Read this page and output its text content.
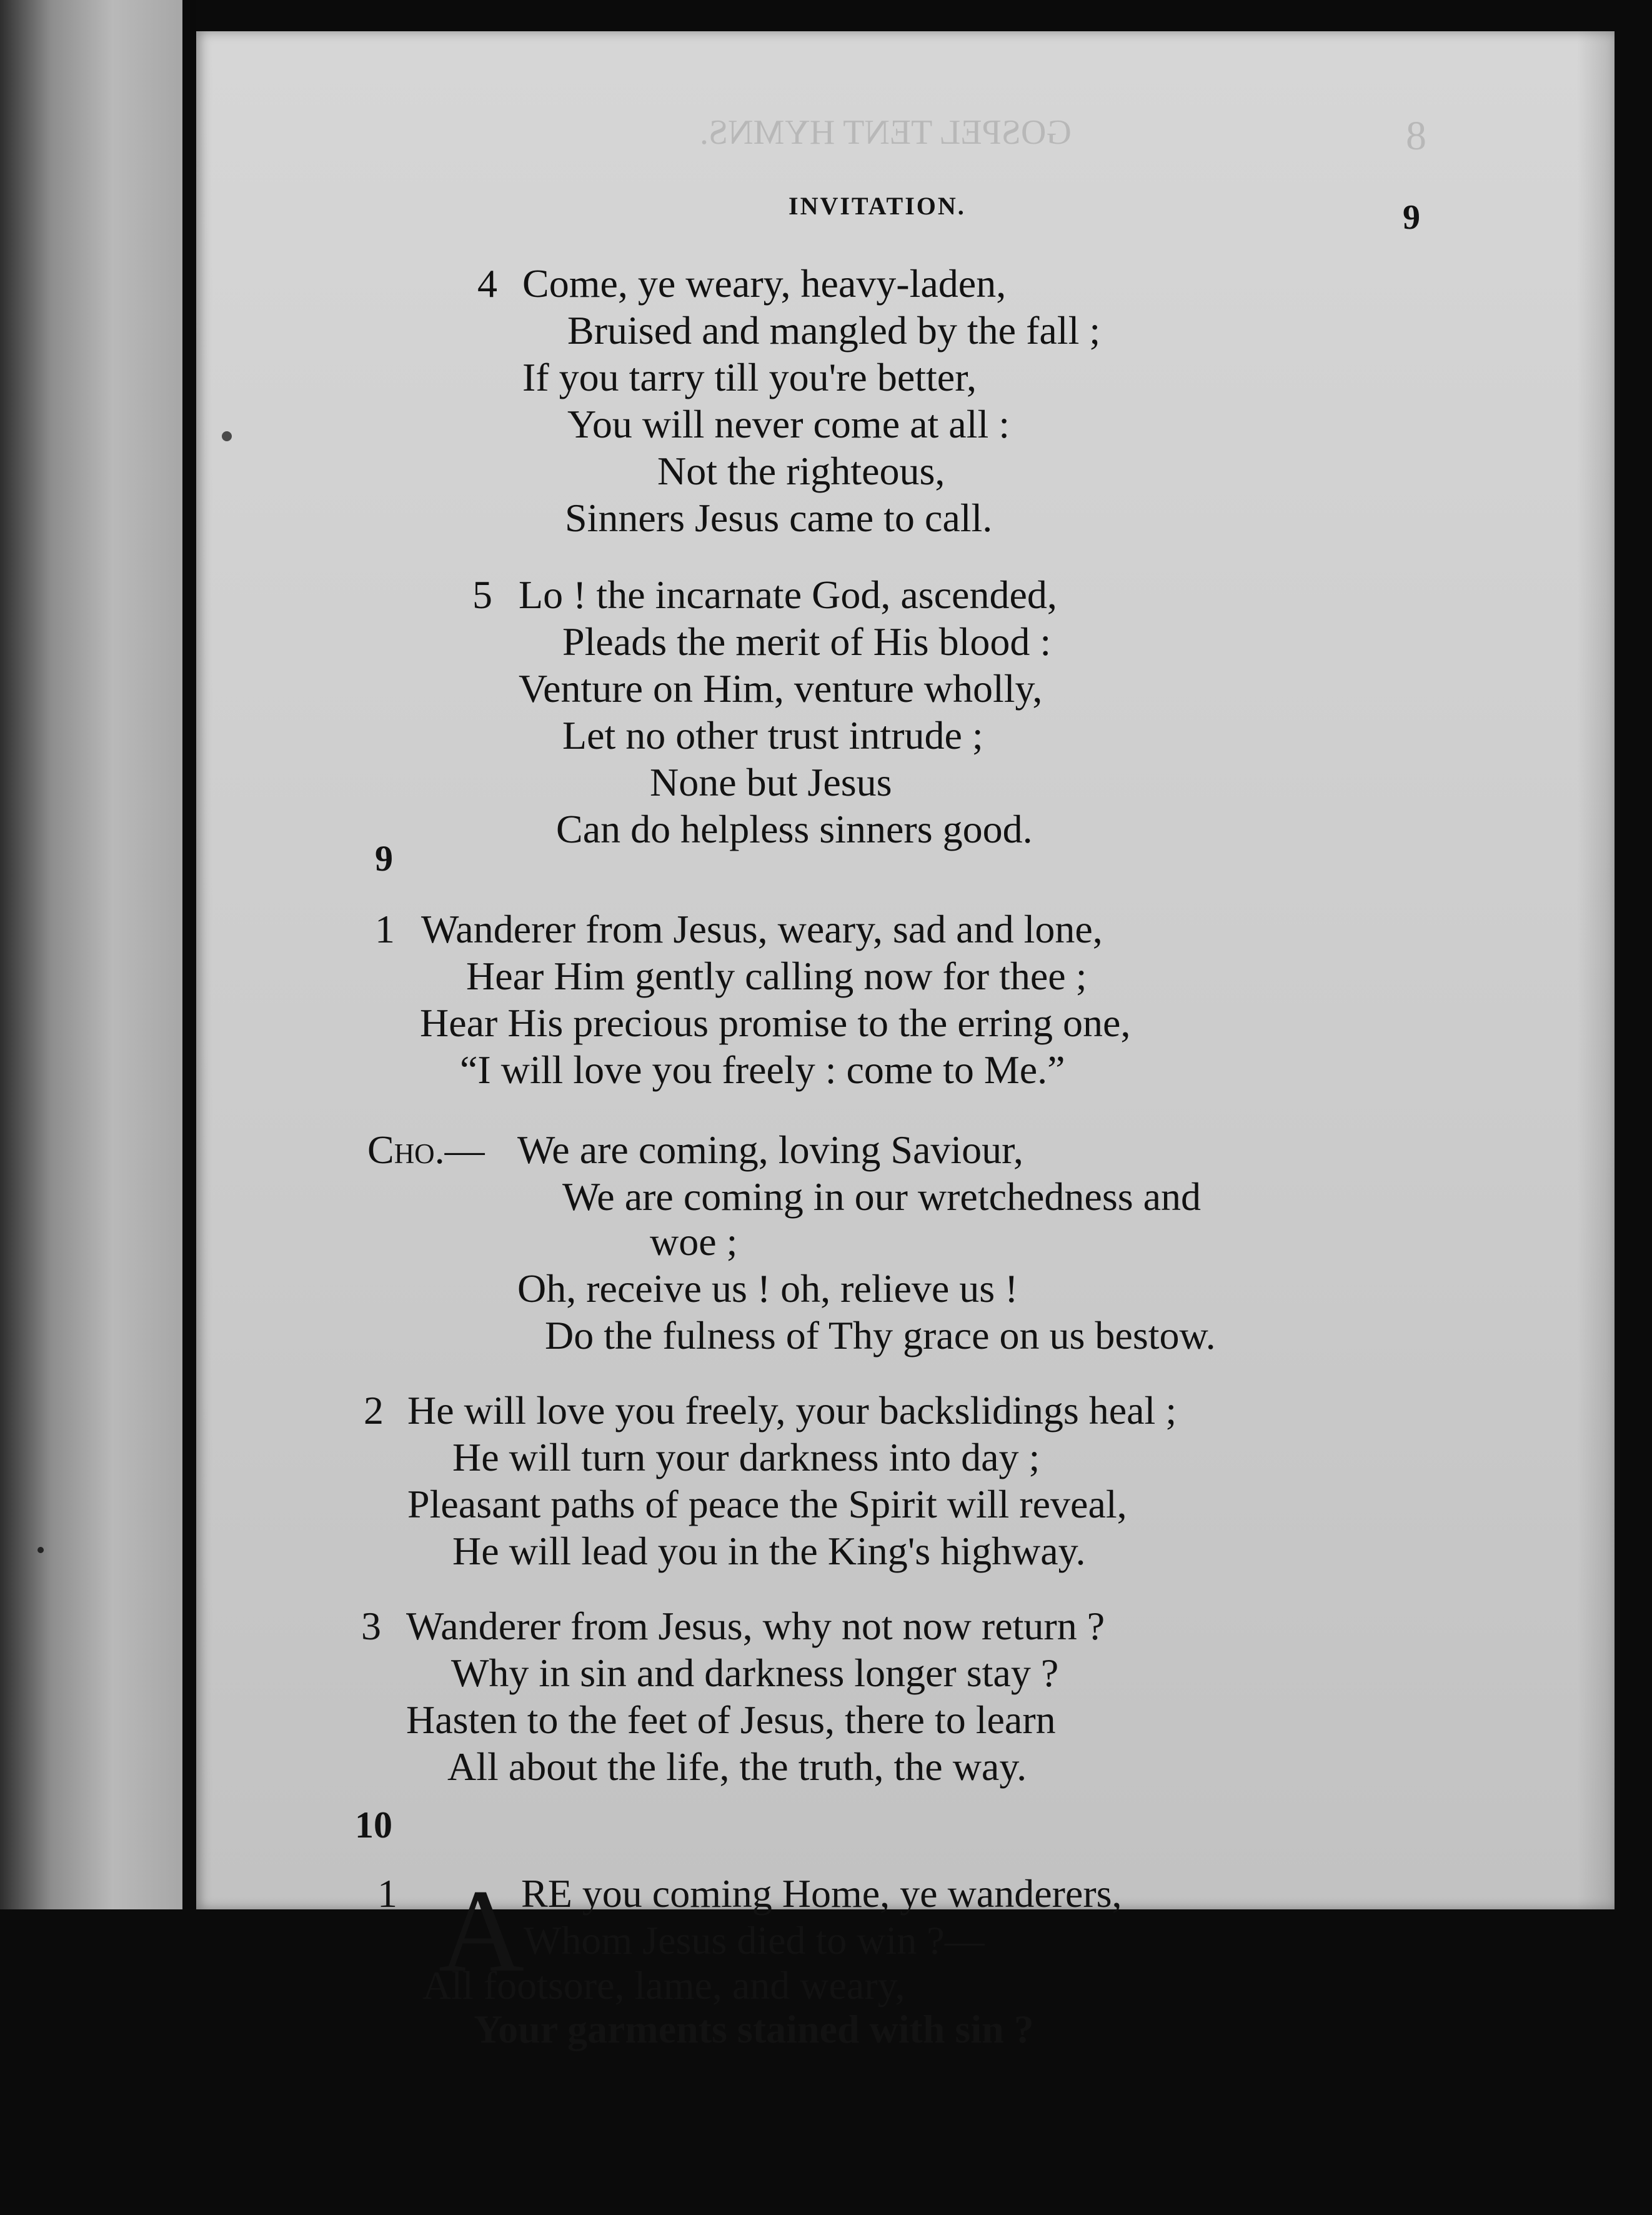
GOSPEL TENT HYMNS.	8
INVITATION.	9
4 Come, ye weary, heavy-laden,
Bruised and mangled by the fall ;
If you tarry till you're better,
You will never come at all :
Not the righteous,
Sinners Jesus came to call.
5 Lo ! the incarnate God, ascended,
Pleads the merit of His blood :
Venture on Him, venture wholly,
Let no other trust intrude ;
None but Jesus
Can do helpless sinners good.
9
1 Wanderer from Jesus, weary, sad and lone,
Hear Him gently calling now for thee ;
Hear His precious promise to the erring one,
“I will love you freely : come to Me.”
Cho.— We are coming, loving Saviour,
We are coming in our wretchedness and
woe ;
Oh, receive us ! oh, relieve us !
Do the fulness of Thy grace on us bestow.
2 He will love you freely, your backslidings heal ;
He will turn your darkness into day ;
Pleasant paths of peace the Spirit will reveal,
He will lead you in the King's highway.
3 Wanderer from Jesus, why not now return ?
Why in sin and darkness longer stay ?
Hasten to the feet of Jesus, there to learn
All about the life, the truth, the way.
10
1 A
RE you coming Home, ye wanderers,
Whom Jesus died to win ?—
All footsore, lame, and weary,
Your garments stained with sin ?
